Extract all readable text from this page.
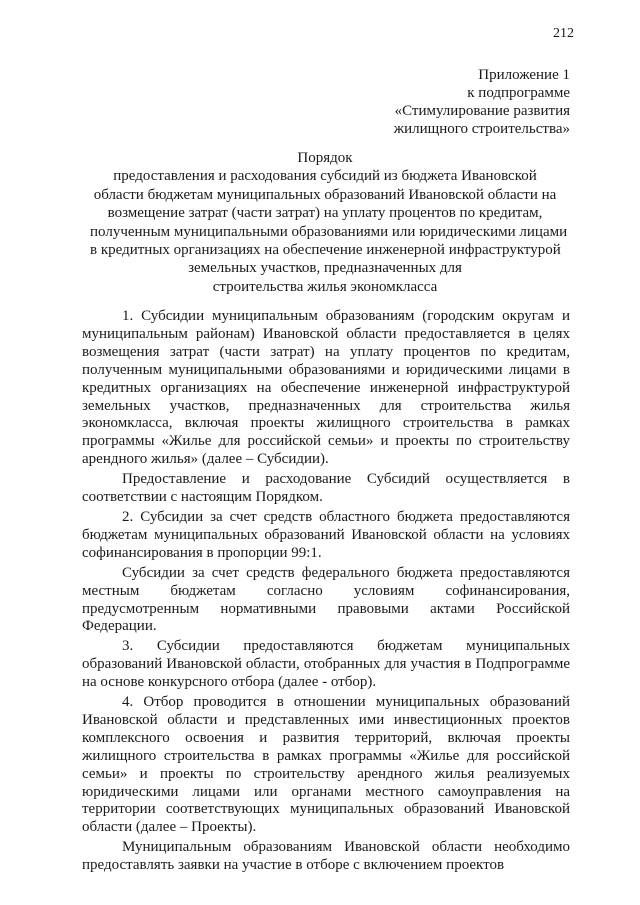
212
Приложение 1
к подпрограмме
«Стимулирование развития
жилищного строительства»
Порядок
предоставления и расходования субсидий из бюджета Ивановской
области бюджетам муниципальных образований Ивановской области на
возмещение затрат (части затрат) на уплату процентов по кредитам,
полученным муниципальными образованиями или юридическими лицами
в кредитных организациях на обеспечение инженерной инфраструктурой
земельных участков, предназначенных для
строительства жилья экономкласса

1. Субсидии муниципальным образованиям (городским округам и муниципальным районам) Ивановской области предоставляется в целях возмещения затрат (части затрат) на уплату процентов по кредитам, полученным муниципальными образованиями и юридическими лицами в кредитных организациях на обеспечение инженерной инфраструктурой земельных участков, предназначенных для строительства жилья экономкласса, включая проекты жилищного строительства в рамках программы «Жилье для российской семьи» и проекты по строительству арендного жилья» (далее – Субсидии).

Предоставление и расходование Субсидий осуществляется в соответствии с настоящим Порядком.

2. Субсидии за счет средств областного бюджета предоставляются бюджетам муниципальных образований Ивановской области на условиях софинансирования в пропорции 99:1.

Субсидии за счет средств федерального бюджета предоставляются местным бюджетам согласно условиям софинансирования, предусмотренным нормативными правовыми актами Российской Федерации.

3. Субсидии предоставляются бюджетам муниципальных образований Ивановской области, отобранных для участия в Подпрограмме на основе конкурсного отбора (далее - отбор).

4. Отбор проводится в отношении муниципальных образований Ивановской области и представленных ими инвестиционных проектов комплексного освоения и развития территорий, включая проекты жилищного строительства в рамках программы «Жилье для российской семьи» и проекты по строительству арендного жилья реализуемых юридическими лицами или органами местного самоуправления на территории соответствующих муниципальных образований Ивановской области (далее – Проекты).

Муниципальным образованиям Ивановской области необходимо предоставлять заявки на участие в отборе с включением проектов
